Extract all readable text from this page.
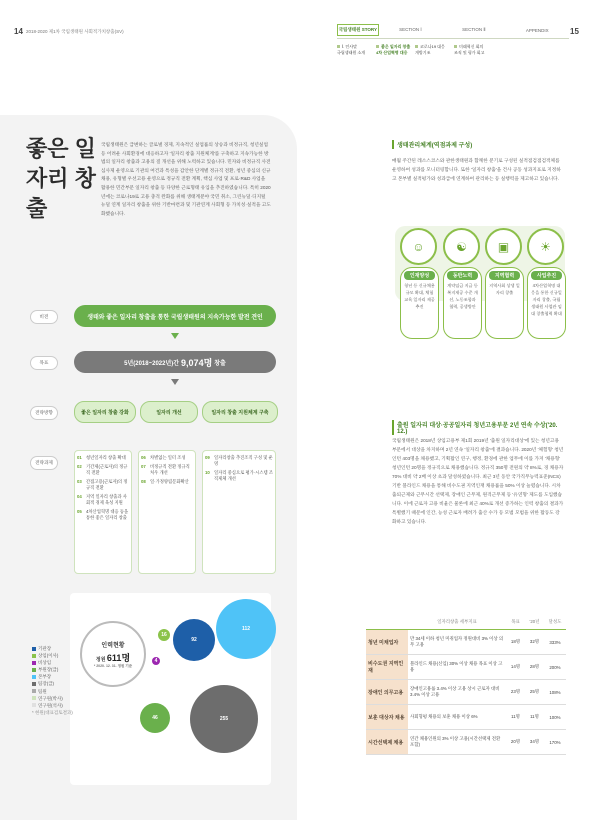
14 2018-2020 제1차 국립생태원 사회적가치창출(SV)	15
국립생태원 STORY	SECTION Ⅰ	SECTION Ⅱ	APPENDIX
Ⅰ. 인사말
국립생태원 소개
좋은 일자리 창출
4차 산업혁명 대응
코로나19 대응
개방기조
미래혁신 회의
조직 및 평가 회고
좋은 일자리 창출
국립생태원은 급변하는 글로벌 경제, 지속적인 실업률의 상승과 비정규직, 청년실업 등 어려운 사회환경에 대응하고자 '일자리 창출 지원체계'를 구축하고 지속가능한 방법의 일자리 창출과 고용의 질 개선을 위해 노력하고 있습니다. 민자와 비정규직 사전 심사제 운영으로 기관의 여건과 특성을 감안한 단계별 정규직 전환, 청년 중심의 신규채용, 유형별 우선고용 운영으로 정규직 전환 계획, 핵심 사업 및 프로·R&D 사업을 활용한 민간부문 일자리 창출 등 다양한 근로형태 유입을 추진하였습니다. 특히 2020년에는 코로나19로 고용 충격 완화를 위해 생태계분야 국민 취소, 그린뉴딜·디지털 뉴딜 연계 일자리 창출을 위한 기반마련과 및 기관연계 사회형 등 가치성·실적을 고도화했습니다.
비전	생태와 좋은 일자리 창출을 통한 국립생태원의 지속가능한 발전 견인
목표	5년(2018~2022년)간 9,074명 창출
전략방향	좋은 일자리 창출 강화	일자리 개선	일자리 창출 지원체계 구축
전략과제
01 청년일자리 창출 확대
02 기간제(근로자)의 정규직 전환
03 간접고용(근로자)의 정규직 전환
04 지역 일자리 창출과 사회적 경제 육성 지원
05 4차산업혁명 대응 등을 통한 좋은 일자리 창출
06 차별없는 일터 조성
07 비정규직 전환 정규직 처우 개선
08 일·가정양립문화확산
09 일자리창출 추진조직 구성 및 운영
10 일자리 중심으로 평가·시스템 조직제체 개선
인력현황
정원 611명
* 2020. 12. 31. 정원 기준
92
16
4
46
112
255
기관장
상임(이사)
비상임
부원장(급)
본부장
팀장(급)
팀원
연구원(박사)
연구원(석사)
* 현원(대표검토결과)
생태관리체계(역점과제 구성)
매월 주간된 레소스코스와 관한생태원과 함께한 분기로 구성된 실적점검점검적체를 운영하여 성과를 모니터링합니다. 또한 '일자리 창출'을 건사 공동 성과지표로 지정하고 본부별 실적평가와 성과급에 연계하여 관리하는 등 실행력을 제고하고 있습니다.
☺
인재양성
청년 등 신규채용 규모 확대, 체험교육 일자리 제공 추진
☯
동반노력
계약임금 지급 등 복지제공 수준 개선, 노동조합과 협력, 공생방안
▣
지역협력
지역사회 상생 일자리 창출
☀
사업추진
4차산업혁명 대응을 통한 신규일자리 창출, 국립생태원 사업관 임대 창출협력 확대
출원 일자리 대상·공공일자리 청년고용부문 2년 연속 수상('20. 12.)
국립생태원은 2018년 상임고용부 제1회 2019년 '출원 일자리대상'에 있는 청년고용 부문에서 대상을 차지하며 2년 연속 '일자리 창출'에 결과습니다. 2020년 '체험형' 청년인턴 403명을 채용했고, 기획활인 연구, 행정, 환경에 관한 업무에 이를 가져 '채용형' 청년인턴 20명을 정규직으로 채용했습니다. 정규직 350명 전원의 약 8%로, 경 채용자 70% 대비 약 2배 이상 초과 달성하였습니다. 최근 3년 동안 국가직무능력표준(NCS) 기반 블라인드 채용을 통해 비수도권 지역인재 채용률을 50% 이상 늘렸습니다. 시차 출퇴근제와 근무시간 선택제, 장애인 근무제, 원격근무제 등 '유연형' 제도를 도입했습니다. 이에 근로자 고용 비율은 물론에 최근 40%로 개선 증가하는 인력 창출의 결과가 특별했기 때문에 인간, 능성 근로자 배려가 출산 수가 등 모범 모범을 위한 활동도 강화하고 있습니다.
	일자리창출 세부지표	목표	'20년	달성도
청년 미채업자	만 34세 이하 청년 미취업자 정원대비 3% 이상 의무 고용	18명	32명	333%
비수도권 지역인재	블라인드 채용(신입) 30% 이상 채용 목표 이상 고용	14명	28명	200%
장애인 의무고용	장애인고용률 3.4% 이상 고용 상시 근로자 대비 3.4% 이상 고용	23명	25명	108%
보훈 대상자 채용	사회형평 채용의 보훈 채용 이상 6%	11명	11명	100%
시간선택제 채용	연간 채용인원의 3% 이상 고용(시간선택제 전환포함)	20명	34명	170%
